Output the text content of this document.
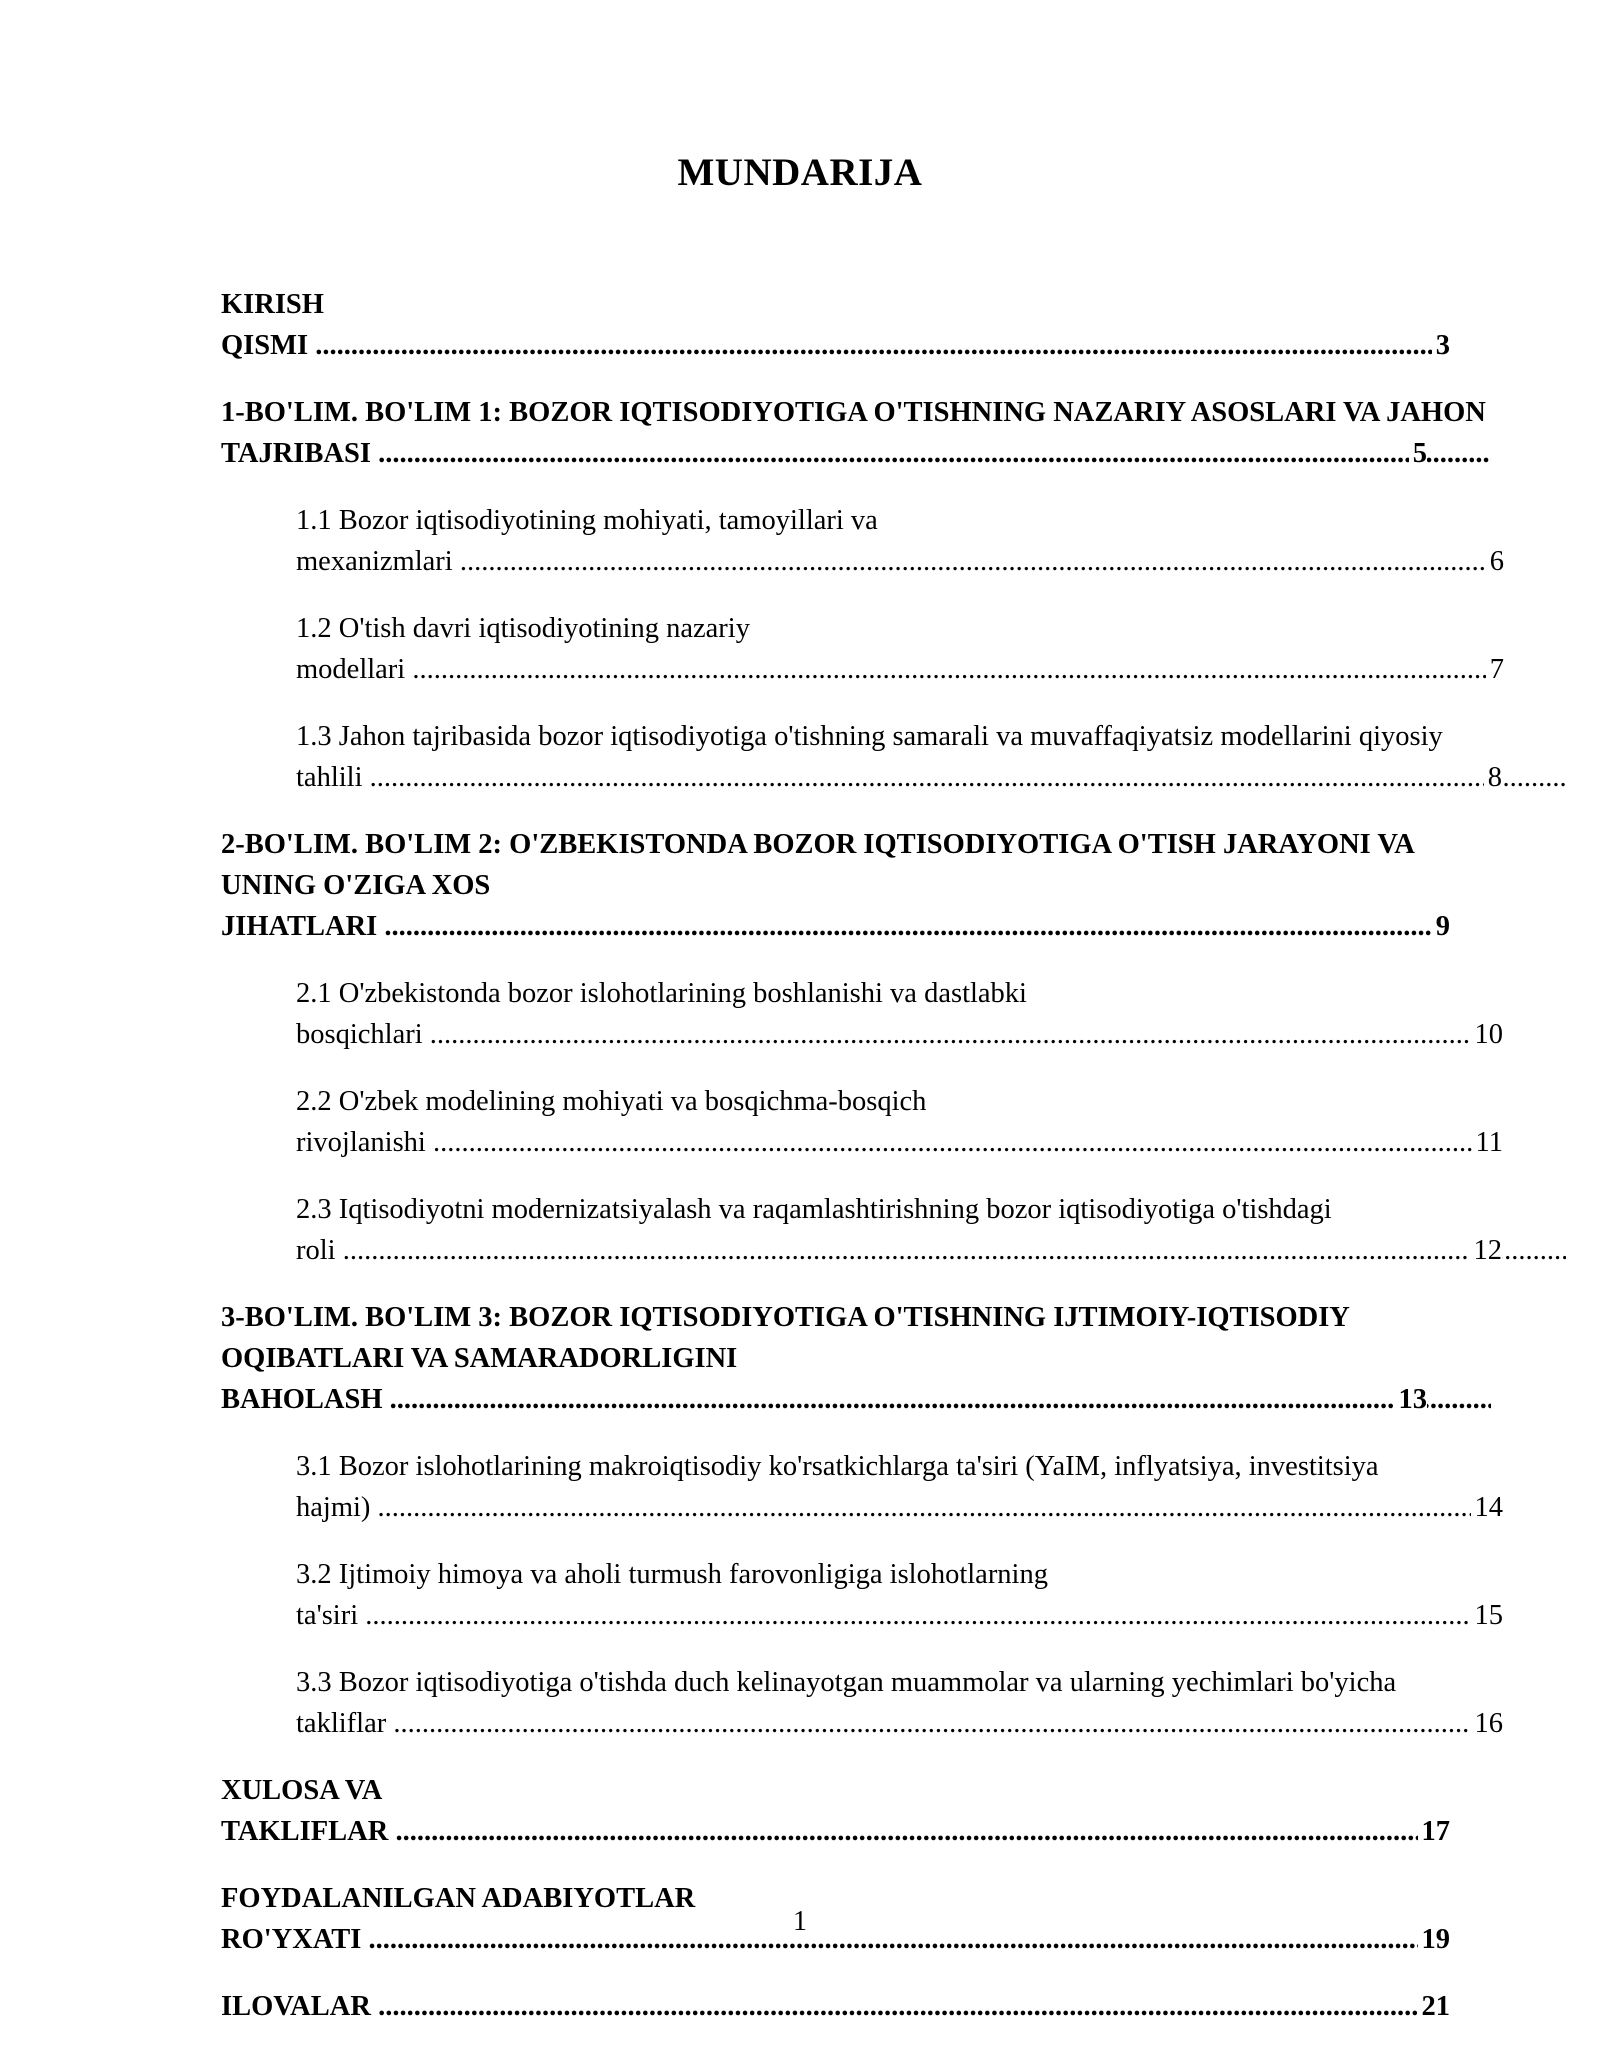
MUNDARIJA
KIRISH QISMI .....	3
1-BO'LIM. BO'LIM 1: BOZOR IQTISODIYOTIGA O'TISHNING NAZARIY ASOSLARI VA JAHON TAJRIBASI .....	5
1.1 Bozor iqtisodiyotining mohiyati, tamoyillari va mexanizmlari .....	6
1.2 O'tish davri iqtisodiyotining nazariy modellari .....	7
1.3 Jahon tajribasida bozor iqtisodiyotiga o'tishning samarali va muvaffaqiyatsiz modellarini qiyosiy tahlili .....	8
2-BO'LIM. BO'LIM 2: O'ZBEKISTONDA BOZOR IQTISODIYOTIGA O'TISH JARAYONI VA UNING O'ZIGA XOS JIHATLARI .....	9
2.1 O'zbekistonda bozor islohotlarining boshlanishi va dastlabki bosqichlari .....	10
2.2 O'zbek modelining mohiyati va bosqichma-bosqich rivojlanishi .....	11
2.3 Iqtisodiyotni modernizatsiyalash va raqamlashtirishning bozor iqtisodiyotiga o'tishdagi roli .....	12
3-BO'LIM. BO'LIM 3: BOZOR IQTISODIYOTIGA O'TISHNING IJTIMOIY-IQTISODIY OQIBATLARI VA SAMARADORLIGINI BAHOLASH .....	13
3.1 Bozor islohotlarining makroiqtisodiy ko'rsatkichlarga ta'siri (YaIM, inflyatsiya, investitsiya hajmi) .....	14
3.2 Ijtimoiy himoya va aholi turmush farovonligiga islohotlarning ta'siri .....	15
3.3 Bozor iqtisodiyotiga o'tishda duch kelinayotgan muammolar va ularning yechimlari bo'yicha takliflar .....	16
XULOSA VA TAKLIFLAR .....	17
FOYDALANILGAN ADABIYOTLAR RO'YXATI .....	19
ILOVALAR .....	21
1
